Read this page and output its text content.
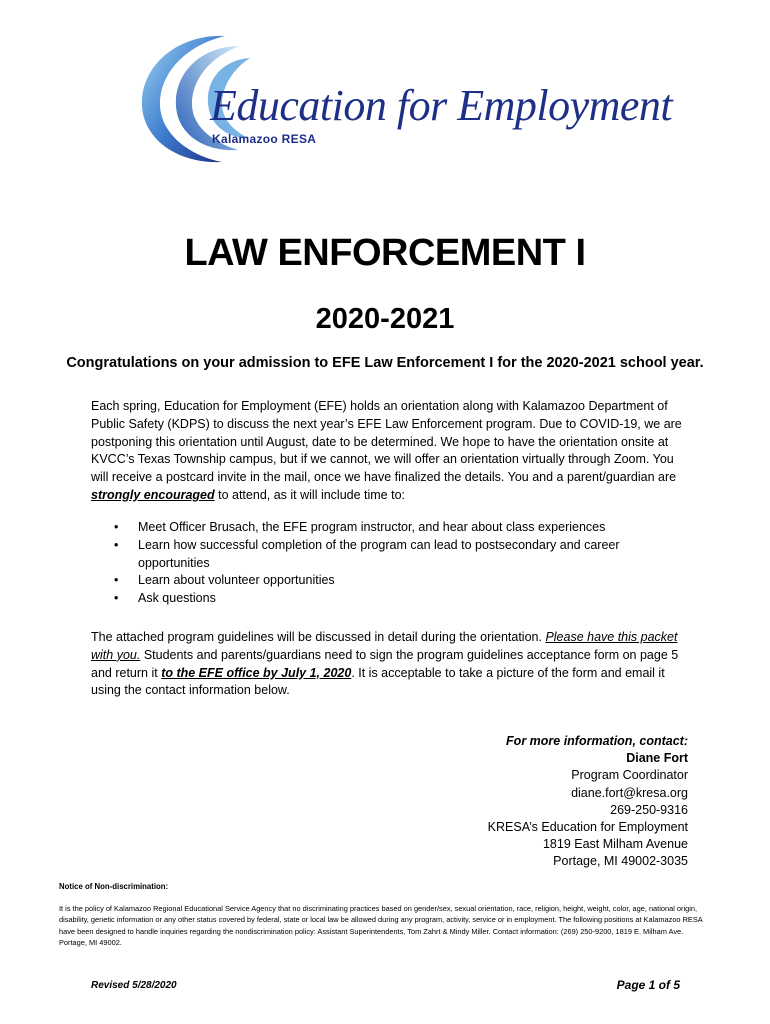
Education for Employment
Kalamazoo RESA
LAW ENFORCEMENT I
2020-2021
Congratulations on your admission to EFE Law Enforcement I for the 2020-2021 school year.
Each spring, Education for Employment (EFE) holds an orientation along with Kalamazoo Department of Public Safety (KDPS) to discuss the next year’s EFE Law Enforcement program. Due to COVID-19, we are postponing this orientation until August, date to be determined. We hope to have the orientation onsite at KVCC’s Texas Township campus, but if we cannot, we will offer an orientation virtually through Zoom. You will receive a postcard invite in the mail, once we have finalized the details. You and a parent/guardian are strongly encouraged to attend, as it will include time to:
• Meet Officer Brusach, the EFE program instructor, and hear about class experiences
• Learn how successful completion of the program can lead to postsecondary and career opportunities
• Learn about volunteer opportunities
• Ask questions
The attached program guidelines will be discussed in detail during the orientation. Please have this packet with you. Students and parents/guardians need to sign the program guidelines acceptance form on page 5 and return it to the EFE office by July 1, 2020. It is acceptable to take a picture of the form and email it using the contact information below.
For more information, contact:
Diane Fort
Program Coordinator
diane.fort@kresa.org
269-250-9316
KRESA’s Education for Employment
1819 East Milham Avenue
Portage, MI 49002-3035
Notice of Non-discrimination:
It is the policy of Kalamazoo Regional Educational Service Agency that no discriminating practices based on gender/sex, sexual orientation, race, religion, height, weight, color, age, national origin, disability, genetic information or any other status covered by federal, state or local law be allowed during any program, activity, service or in employment. The following positions at Kalamazoo RESA have been designed to handle inquiries regarding the nondiscrimination policy: Assistant Superintendents, Tom Zahrt & Mindy Miller. Contact information: (269) 250-9200, 1819 E. Milham Ave. Portage, MI 49002.
Revised 5/28/2020	Page 1 of 5
